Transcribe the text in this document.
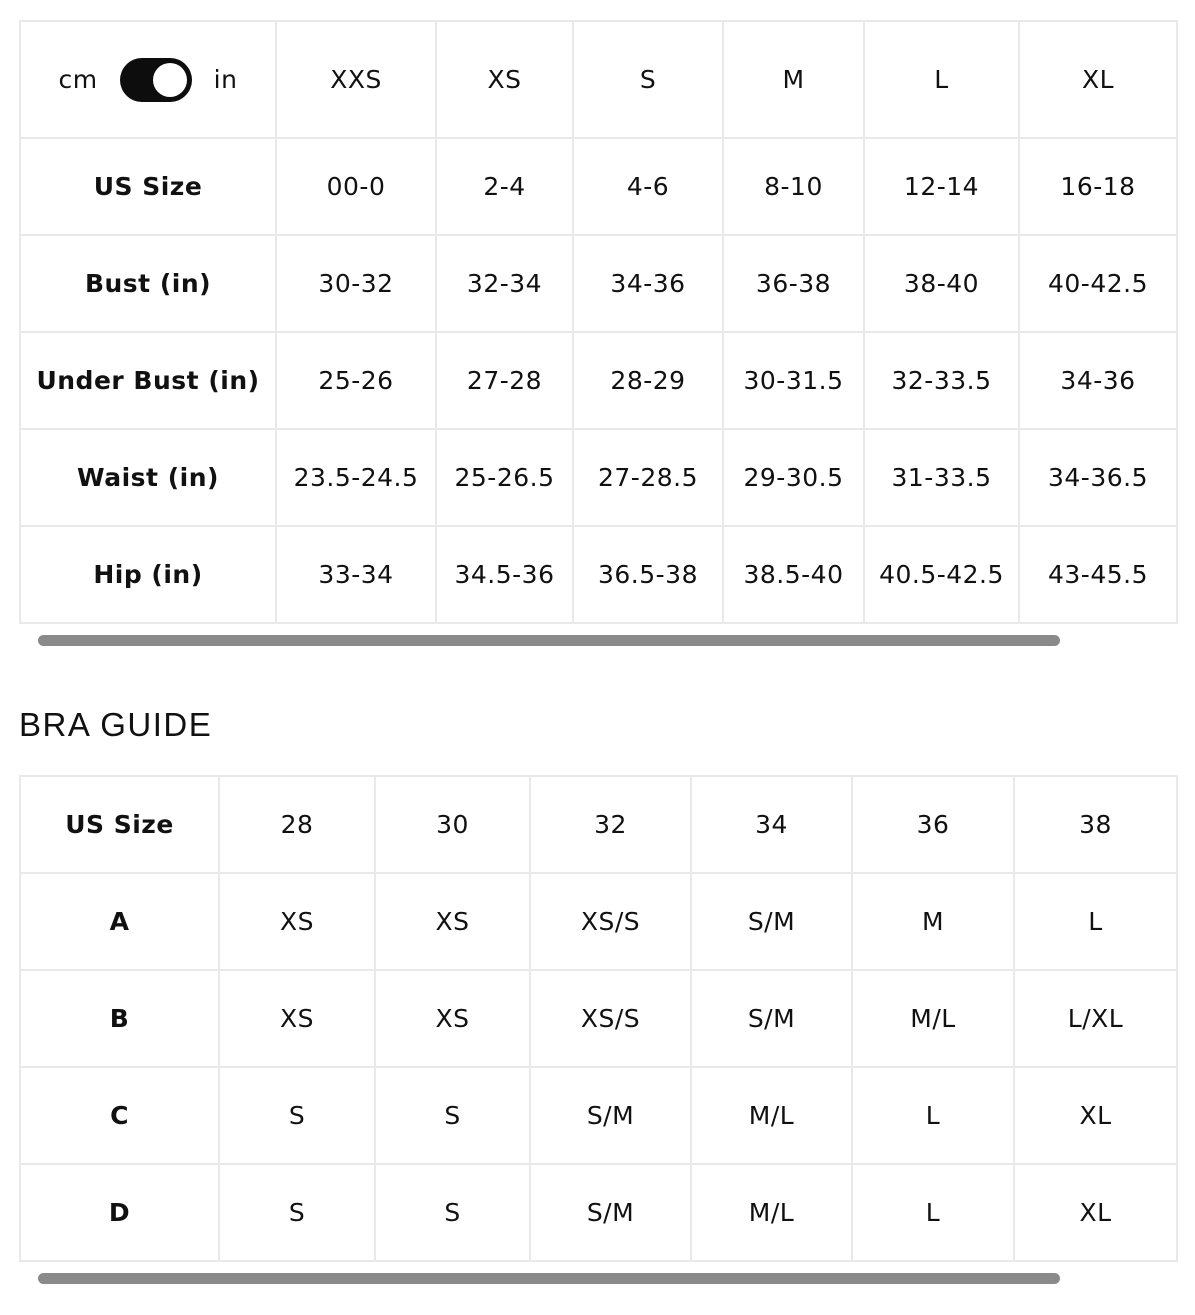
cm in	XXS	XS	S	M	L	XL
US Size	00-0	2-4	4-6	8-10	12-14	16-18
Bust (in)	30-32	32-34	34-36	36-38	38-40	40-42.5
Under Bust (in)	25-26	27-28	28-29	30-31.5	32-33.5	34-36
Waist (in)	23.5-24.5	25-26.5	27-28.5	29-30.5	31-33.5	34-36.5
Hip (in)	33-34	34.5-36	36.5-38	38.5-40	40.5-42.5	43-45.5
BRA GUIDE
US Size	28	30	32	34	36	38
A	XS	XS	XS/S	S/M	M	L
B	XS	XS	XS/S	S/M	M/L	L/XL
C	S	S	S/M	M/L	L	XL
D	S	S	S/M	M/L	L	XL
